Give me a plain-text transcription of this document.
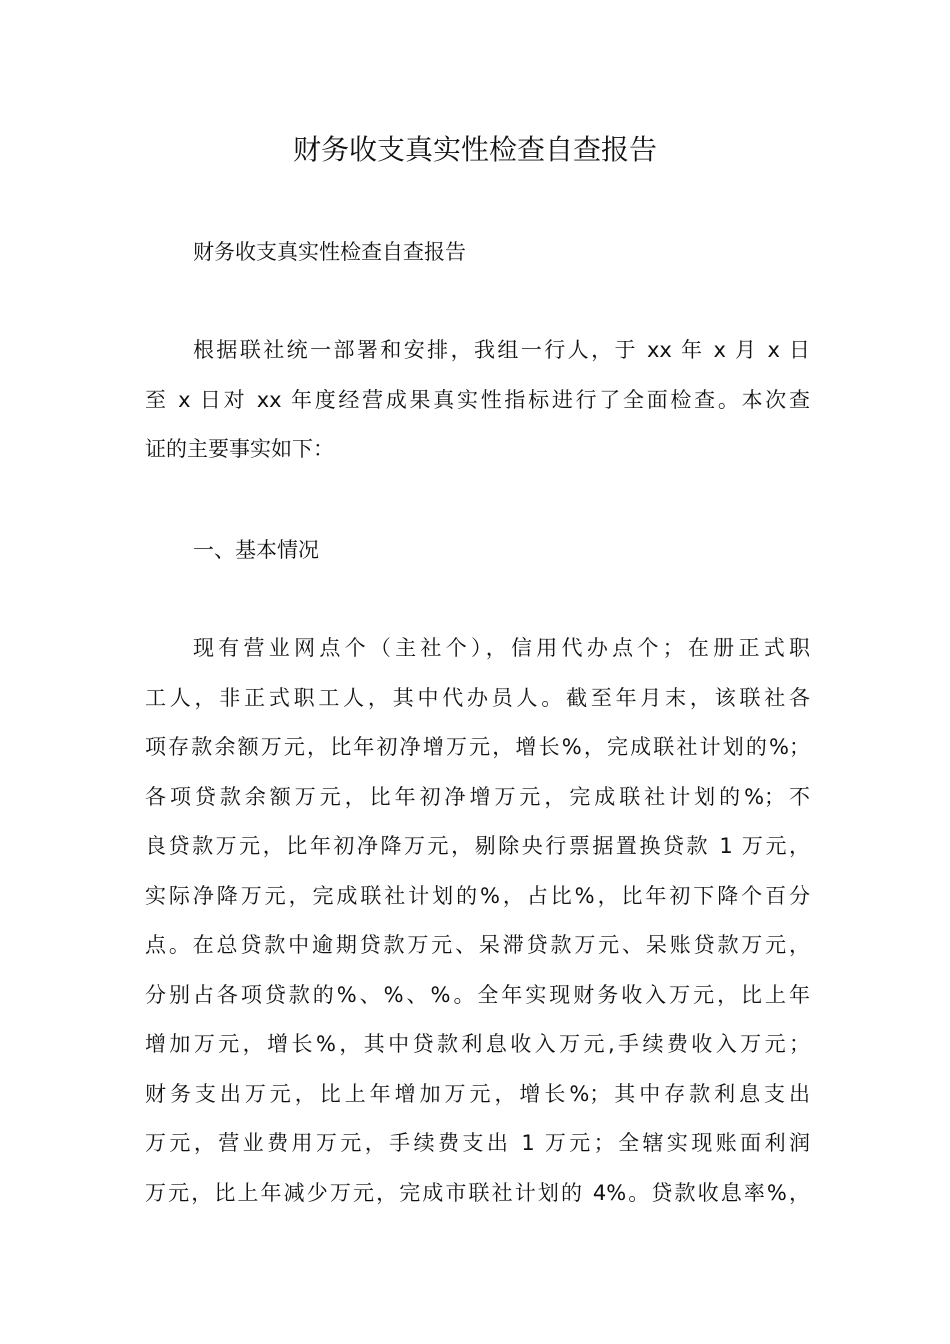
财务收支真实性检查自查报告
财务收支真实性检查自查报告
根据联社统一部署和安排，我组一行人，于 xx 年 x 月 x 日
至 x 日对 xx 年度经营成果真实性指标进行了全面检查。本次查
证的主要事实如下：
一、基本情况
现有营业网点个（主社个），信用代办点个；在册正式职
工人，非正式职工人，其中代办员人。截至年月末，该联社各
项存款余额万元，比年初净增万元，增长%，完成联社计划的%；
各项贷款余额万元，比年初净增万元，完成联社计划的%；不
良贷款万元，比年初净降万元，剔除央行票据置换贷款 1 万元，
实际净降万元，完成联社计划的%，占比%，比年初下降个百分
点。在总贷款中逾期贷款万元、呆滞贷款万元、呆账贷款万元，
分别占各项贷款的%、%、%。全年实现财务收入万元，比上年
增加万元，增长%，其中贷款利息收入万元,手续费收入万元；
财务支出万元，比上年增加万元，增长%；其中存款利息支出
万元，营业费用万元，手续费支出 1 万元；全辖实现账面利润
万元，比上年减少万元，完成市联社计划的 4%。贷款收息率%，
